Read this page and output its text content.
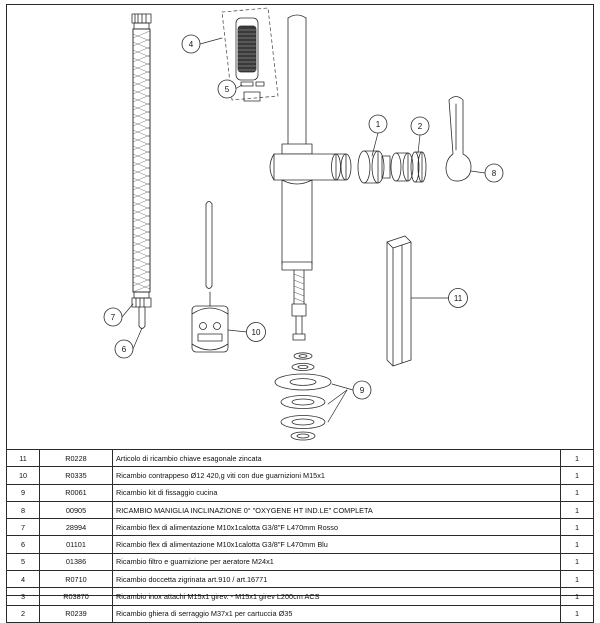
1	2
4
5
6
7
8
9
10
11
11	R0228	Articolo di ricambio chiave esagonale zincata	1
10	R0335	Ricambio contrappeso Ø12 420,g viti con due guarnizioni M15x1	1
9	R0061	Ricambio kit di fissaggio cucina	1
8	00905	RICAMBIO MANIGLIA INCLINAZIONE 0° "OXYGENE HT IND.LE" COMPLETA	1
7	28994	Ricambio flex di alimentazione M10x1calotta G3/8"F L470mm Rosso	1
6	01101	Ricambio flex di alimentazione M10x1calotta G3/8"F L470mm Blu	1
5	01386	Ricambio filtro e guarnizione per aeratore M24x1	1
4	R0710	Ricambio doccetta zigrinata art.910 / art.16771	1
3	R03870	Ricambio inox attachi M15x1 girev. - M15x1 girev L200cm ACS	1
2	R0239	Ricambio ghiera di serraggio M37x1 per cartuccia Ø35	1
